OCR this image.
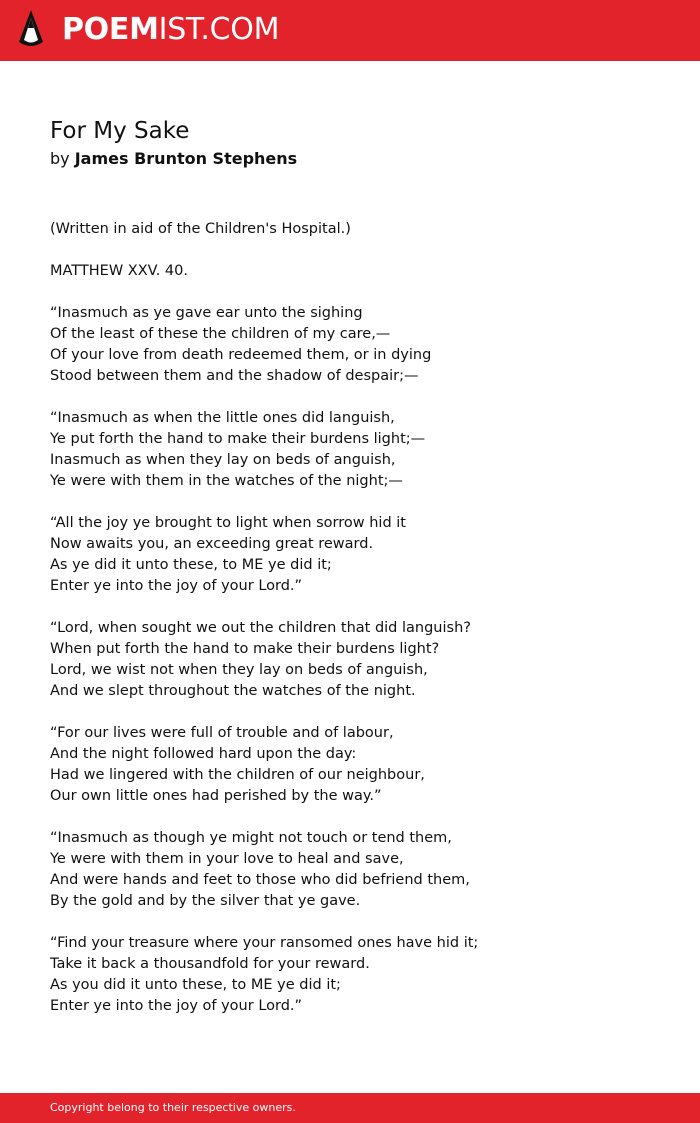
POEMIST.COM
For My Sake
by James Brunton Stephens
(Written in aid of the Children's Hospital.)
MATTHEW XXV. 40.
“Inasmuch as ye gave ear unto the sighing
Of the least of these the children of my care,—
Of your love from death redeemed them, or in dying
Stood between them and the shadow of despair;—
“Inasmuch as when the little ones did languish,
Ye put forth the hand to make their burdens light;—
Inasmuch as when they lay on beds of anguish,
Ye were with them in the watches of the night;—
“All the joy ye brought to light when sorrow hid it
Now awaits you, an exceeding great reward.
As ye did it unto these, to ME ye did it;
Enter ye into the joy of your Lord.”
“Lord, when sought we out the children that did languish?
When put forth the hand to make their burdens light?
Lord, we wist not when they lay on beds of anguish,
And we slept throughout the watches of the night.
“For our lives were full of trouble and of labour,
And the night followed hard upon the day:
Had we lingered with the children of our neighbour,
Our own little ones had perished by the way.”
“Inasmuch as though ye might not touch or tend them,
Ye were with them in your love to heal and save,
And were hands and feet to those who did befriend them,
By the gold and by the silver that ye gave.
“Find your treasure where your ransomed ones have hid it;
Take it back a thousandfold for your reward.
As you did it unto these, to ME ye did it;
Enter ye into the joy of your Lord.”
Copyright belong to their respective owners.
